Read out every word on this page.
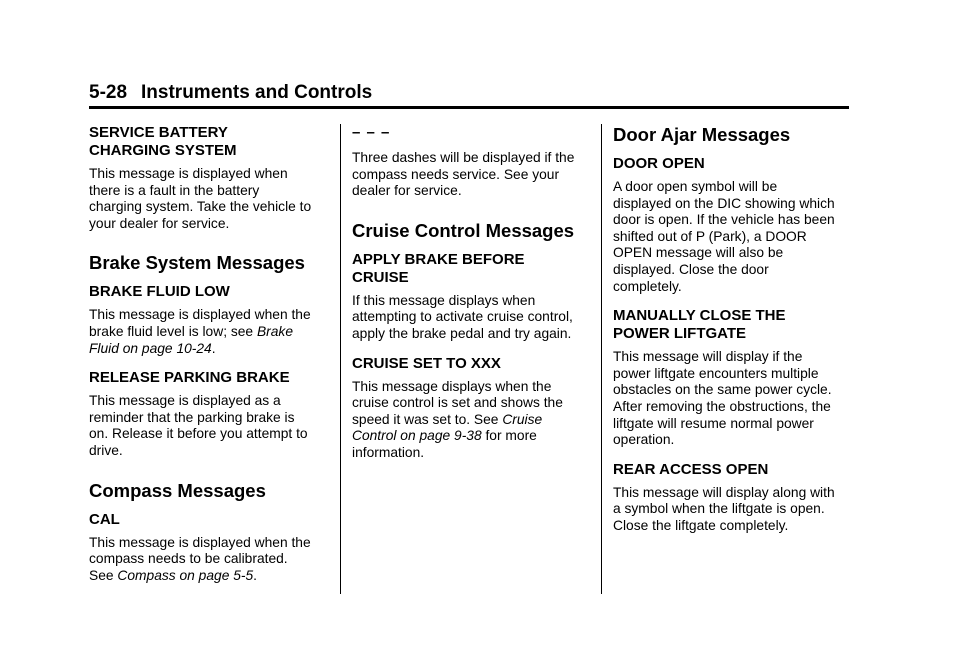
5-28 Instruments and Controls
SERVICE BATTERY
CHARGING SYSTEM

This message is displayed when
there is a fault in the battery
charging system. Take the vehicle to
your dealer for service.

Brake System Messages
BRAKE FLUID LOW

This message is displayed when the
brake fluid level is low; see Brake
Fluid on page 10-24.

RELEASE PARKING BRAKE

This message is displayed as a
reminder that the parking brake is
on. Release it before you attempt to
drive.

Compass Messages
CAL

This message is displayed when the
compass needs to be calibrated.
See Compass on page 5-5.

– – –

Three dashes will be displayed if the
compass needs service. See your
dealer for service.

Cruise Control Messages
APPLY BRAKE BEFORE
CRUISE

If this message displays when
attempting to activate cruise control,
apply the brake pedal and try again.

CRUISE SET TO XXX

This message displays when the
cruise control is set and shows the
speed it was set to. See Cruise
Control on page 9-38 for more
information.

Door Ajar Messages
DOOR OPEN

A door open symbol will be
displayed on the DIC showing which
door is open. If the vehicle has been
shifted out of P (Park), a DOOR
OPEN message will also be
displayed. Close the door
completely.

MANUALLY CLOSE THE
POWER LIFTGATE

This message will display if the
power liftgate encounters multiple
obstacles on the same power cycle.
After removing the obstructions, the
liftgate will resume normal power
operation.

REAR ACCESS OPEN

This message will display along with
a symbol when the liftgate is open.
Close the liftgate completely.
